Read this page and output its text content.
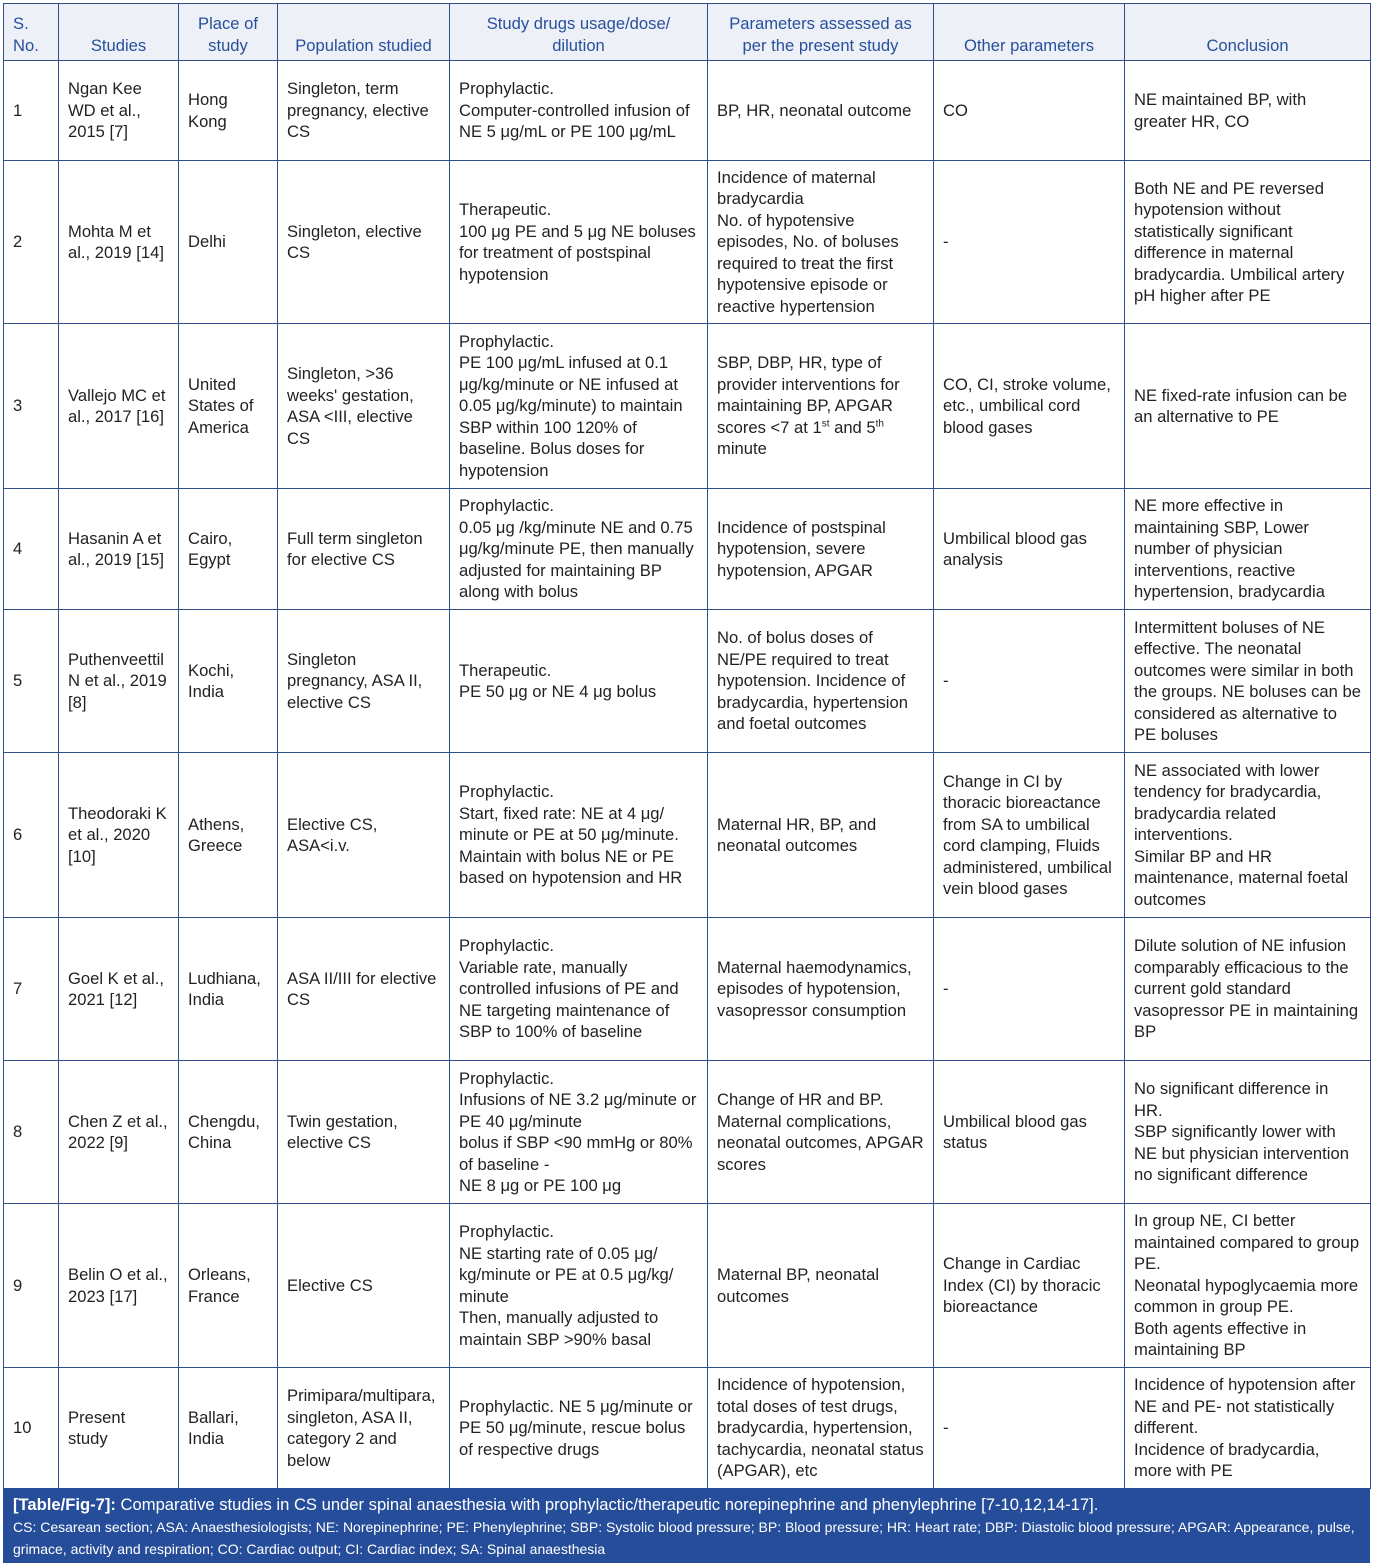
S. No.	Studies	Place of study	Population studied	Study drugs usage/dose/ dilution	Parameters assessed as per the present study	Other parameters	Conclusion
1	Ngan Kee WD et al., 2015 [7]	Hong Kong	Singleton, term pregnancy, elective CS	Prophylactic.
Computer-controlled infusion of NE 5 μg/mL or PE 100 μg/mL	BP, HR, neonatal outcome	CO	NE maintained BP, with greater HR, CO

2	Mohta M et al., 2019 [14]	Delhi	Singleton, elective CS	Therapeutic.
100 μg PE and 5 μg NE boluses for treatment of postspinal hypotension	Incidence of maternal bradycardia
No. of hypotensive episodes, No. of boluses required to treat the first hypotensive episode or reactive hypertension	-	Both NE and PE reversed hypotension without statistically significant difference in maternal bradycardia. Umbilical artery pH higher after PE

3	Vallejo MC et al., 2017 [16]	United States of America	Singleton, >36 weeks' gestation, ASA <III, elective CS	Prophylactic.
PE 100 μg/mL infused at 0.1 μg/kg/minute or NE infused at 0.05 μg/kg/minute) to maintain SBP within 100 120% of baseline. Bolus doses for hypotension	SBP, DBP, HR, type of provider interventions for maintaining BP, APGAR scores <7 at 1st and 5th minute	CO, CI, stroke volume, etc., umbilical cord blood gases	NE fixed-rate infusion can be an alternative to PE

4	Hasanin A et al., 2019 [15]	Cairo, Egypt	Full term singleton for elective CS	Prophylactic.
0.05 μg /kg/minute NE and 0.75 μg/kg/minute PE, then manually adjusted for maintaining BP along with bolus	Incidence of postspinal hypotension, severe hypotension, APGAR	Umbilical blood gas analysis	NE more effective in maintaining SBP, Lower number of physician interventions, reactive hypertension, bradycardia

5	Puthenveettil N et al., 2019 [8]	Kochi, India	Singleton pregnancy, ASA II, elective CS	Therapeutic.
PE 50 μg or NE 4 μg bolus	No. of bolus doses of NE/PE required to treat hypotension. Incidence of bradycardia, hypertension and foetal outcomes	-	Intermittent boluses of NE effective. The neonatal outcomes were similar in both the groups. NE boluses can be considered as alternative to PE boluses

6	Theodoraki K et al., 2020 [10]	Athens, Greece	Elective CS, ASA<i.v.	Prophylactic.
Start, fixed rate: NE at 4 μg/ minute or PE at 50 μg/minute.
Maintain with bolus NE or PE based on hypotension and HR	Maternal HR, BP, and neonatal outcomes	Change in CI by thoracic bioreactance from SA to umbilical cord clamping, Fluids administered, umbilical vein blood gases	NE associated with lower tendency for bradycardia, bradycardia related interventions.
Similar BP and HR maintenance, maternal foetal outcomes

7	Goel K et al., 2021 [12]	Ludhiana, India	ASA II/III for elective CS	Prophylactic.
Variable rate, manually controlled infusions of PE and NE targeting maintenance of SBP to 100% of baseline	Maternal haemodynamics, episodes of hypotension, vasopressor consumption	-	Dilute solution of NE infusion comparably efficacious to the current gold standard vasopressor PE in maintaining BP

8	Chen Z et al., 2022 [9]	Chengdu, China	Twin gestation, elective CS	Prophylactic.
Infusions of NE 3.2 μg/minute or PE 40 μg/minute
bolus if SBP <90 mmHg or 80% of baseline -
NE 8 μg or PE 100 μg	Change of HR and BP. Maternal complications, neonatal outcomes, APGAR scores	Umbilical blood gas status	No significant difference in HR.
SBP significantly lower with NE but physician intervention no significant difference

9	Belin O et al., 2023 [17]	Orleans, France	Elective CS	Prophylactic.
NE starting rate of 0.05 μg/ kg/minute or PE at 0.5 μg/kg/ minute
Then, manually adjusted to maintain SBP >90% basal	Maternal BP, neonatal outcomes	Change in Cardiac Index (CI) by thoracic bioreactance	In group NE, CI better maintained compared to group PE.
Neonatal hypoglycaemia more common in group PE.
Both agents effective in maintaining BP

10	Present study	Ballari, India	Primipara/multipara, singleton, ASA II, category 2 and below	Prophylactic. NE 5 μg/minute or PE 50 μg/minute, rescue bolus of respective drugs	Incidence of hypotension, total doses of test drugs, bradycardia, hypertension, tachycardia, neonatal status (APGAR), etc	-	Incidence of hypotension after NE and PE- not statistically different.
Incidence of bradycardia, more with PE
[Table/Fig-7]: Comparative studies in CS under spinal anaesthesia with prophylactic/therapeutic norepinephrine and phenylephrine [7-10,12,14-17].
CS: Cesarean section; ASA: Anaesthesiologists; NE: Norepinephrine; PE: Phenylephrine; SBP: Systolic blood pressure; BP: Blood pressure; HR: Heart rate; DBP: Diastolic blood pressure; APGAR: Appearance, pulse, grimace, activity and respiration; CO: Cardiac output; CI: Cardiac index; SA: Spinal anaesthesia
